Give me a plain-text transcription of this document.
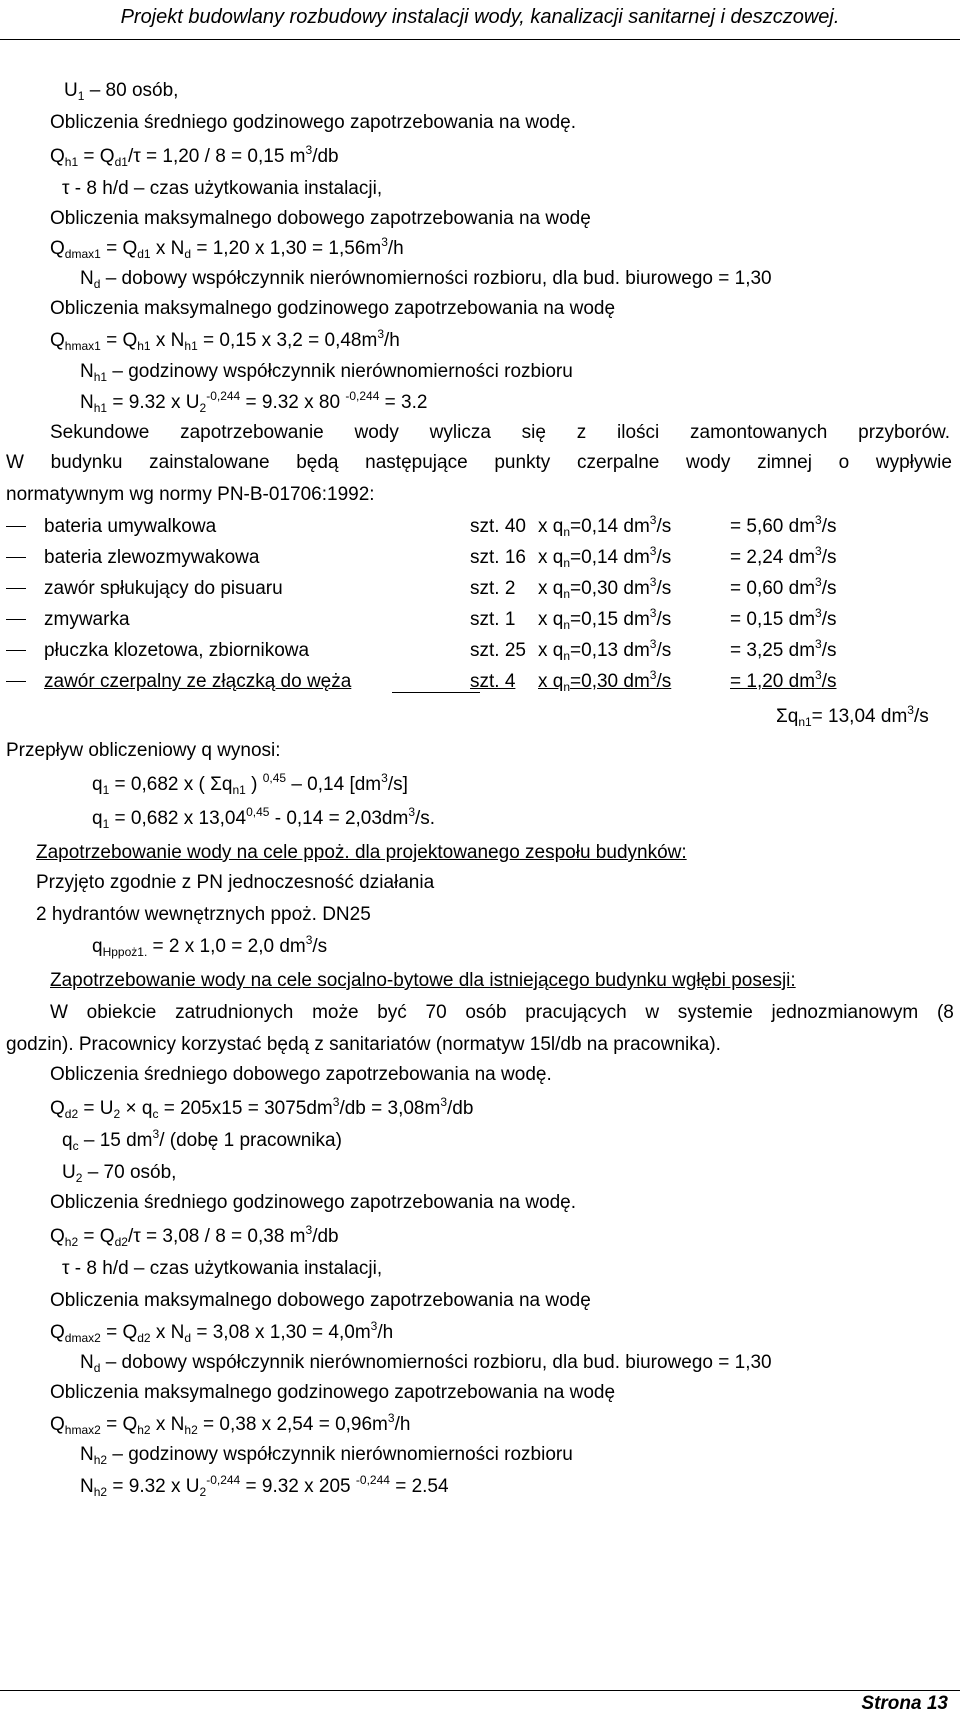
Projekt budowlany rozbudowy instalacji wody, kanalizacji sanitarnej i deszczowej.
$U_1 - 80$ osób,
Obliczenia średniego godzinowego zapotrzebowania na wodę.
$Q_{h1} = Q_{d1}/\tau = 1,20 / 8 = 0,15$ $m^3/db$
τ - 8 h/d – czas użytkowania instalacji,
Obliczenia maksymalnego dobowego zapotrzebowania na wodę
$Q_{dmax1} = Q_{d1}$ x $N_d = 1,20$ x $1,30 = 1,56m^3/h$
$N_d$ – dobowy współczynnik nierównomierności rozbioru, dla bud. biurowego = 1,30
Obliczenia maksymalnego godzinowego zapotrzebowania na wodę
$Q_{hmax1} = Q_{h1}$ x $N_{h1} = 0,15$ x $3,2 = 0,48m^3/h$
$N_{h1}$ – godzinowy współczynnik nierównomierności rozbioru
$N_{h1} = 9.32$ x $U_2^{-0,244} = 9.32$ x 80 $^{-0,244}$ = 3.2
Sekundowe zapotrzebowanie wody wylicza się z ilości zamontowanych przyborów.
W budynku zainstalowane będą następujące punkty czerpalne wody zimnej o wypływie
normatywnym wg normy PN-B-01706:1992:
bateria umywalkowa	szt. 40 x $q_n=0,14$ $dm^3/s$	= 5,60 $dm^3/s$
bateria zlewozmywakowa	szt. 16 x $q_n=0,14$ $dm^3/s$	= 2,24 $dm^3/s$
zawór spłukujący do pisuaru	szt. 2 x $q_n=0,30$ $dm^3/s$	= 0,60 $dm^3/s$
zmywarka	szt. 1 x $q_n=0,15$ $dm^3/s$	= 0,15 $dm^3/s$
płuczka klozetowa, zbiornikowa	szt. 25 x $q_n=0,13$ $dm^3/s$	= 3,25 $dm^3/s$
zawór czerpalny ze złączką do węża	szt. 4 x $q_n=0,30$ $dm^3/s$	= 1,20 $dm^3/s$
$\Sigma q_{n1}= 13,04$ $dm^3/s$
Przepływ obliczeniowy q wynosi:
$q_1 = 0,682$ x ( $\Sigma q_{n1}$ ) $^{0,45}$ – 0,14 $[dm^3/s]$
$q_1 = 0,682$ x $13,04^{0,45} - 0,14 = 2,03dm^3/s$.
Zapotrzebowanie wody na cele ppoż. dla projektowanego zespołu budynków:
Przyjęto zgodnie z PN jednoczesność działania
2 hydrantów wewnętrznych ppoż. DN25
$q_{Hppoż1.} = 2$ x 1,0 = 2,0 $dm^3/s$
Zapotrzebowanie wody na cele socjalno-bytowe dla istniejącego budynku wgłębi posesji:
W obiekcie zatrudnionych może być 70 osób pracujących w systemie jednozmianowym (8
godzin). Pracownicy korzystać będą z sanitariatów (normatyw 15l/db na pracownika).
Obliczenia średniego dobowego zapotrzebowania na wodę.
$Q_{d2} = U_2 \times q_c = 205x15 = 3075dm^3/db = 3,08m^3/db$
$q_c - 15$ $dm^3/$ (dobę 1 pracownika)
$U_2 - 70$ osób,
Obliczenia średniego godzinowego zapotrzebowania na wodę.
$Q_{h2} = Q_{d2}/\tau = 3,08 / 8 = 0,38$ $m^3/db$
τ - 8 h/d – czas użytkowania instalacji,
Obliczenia maksymalnego dobowego zapotrzebowania na wodę
$Q_{dmax2} = Q_{d2}$ x $N_d = 3,08$ x $1,30 = 4,0m^3/h$
$N_d$ – dobowy współczynnik nierównomierności rozbioru, dla bud. biurowego = 1,30
Obliczenia maksymalnego godzinowego zapotrzebowania na wodę
$Q_{hmax2} = Q_{h2}$ x $N_{h2} = 0,38$ x $2,54 = 0,96m^3/h$
$N_{h2}$ – godzinowy współczynnik nierównomierności rozbioru
$N_{h2} = 9.32$ x $U_2^{-0,244} = 9.32$ x 205 $^{-0,244}$ = 2.54
Strona 13
